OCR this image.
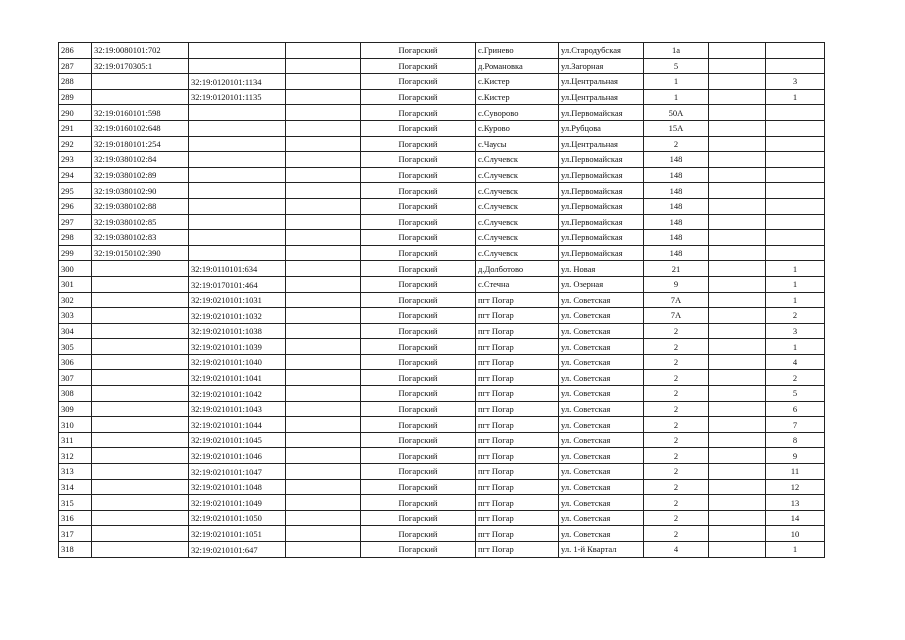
286	32:19:0080101:702			Погарский	с.Гринево	ул.Стародубская	1а		
287	32:19:0170305:1			Погарский	д.Романовка	ул.Загорная	5		
288		32:19:0120101:1134		Погарский	с.Кистер	ул.Центральная	1		3
289		32:19:0120101:1135		Погарский	с.Кистер	ул.Центральная	1		1
290	32:19:0160101:598			Погарский	с.Суворово	ул.Первомайская	50А		
291	32:19:0160102:648			Погарский	с.Курово	ул.Рубцова	15А		
292	32:19:0180101:254			Погарский	с.Чаусы	ул.Центральная	2		
293	32:19:0380102:84			Погарский	с.Случевск	ул.Первомайская	148		
294	32:19:0380102:89			Погарский	с.Случевск	ул.Первомайская	148		
295	32:19:0380102:90			Погарский	с.Случевск	ул.Первомайская	148		
296	32:19:0380102:88			Погарский	с.Случевск	ул.Первомайская	148		
297	32:19:0380102:85			Погарский	с.Случевск	ул.Первомайская	148		
298	32:19:0380102:83			Погарский	с.Случевск	ул.Первомайская	148		
299	32:19:0150102:390			Погарский	с.Случевск	ул.Первомайская	148		
300		32:19:0110101:634		Погарский	д.Долботово	ул. Новая	21		1
301		32:19:0170101:464		Погарский	с.Стечна	ул. Озерная	9		1
302		32:19:0210101:1031		Погарский	пгт Погар	ул. Советская	7А		1
303		32:19:0210101:1032		Погарский	пгт Погар	ул. Советская	7А		2
304		32:19:0210101:1038		Погарский	пгт Погар	ул. Советская	2		3
305		32:19:0210101:1039		Погарский	пгт Погар	ул. Советская	2		1
306		32:19:0210101:1040		Погарский	пгт Погар	ул. Советская	2		4
307		32:19:0210101:1041		Погарский	пгт Погар	ул. Советская	2		2
308		32:19:0210101:1042		Погарский	пгт Погар	ул. Советская	2		5
309		32:19:0210101:1043		Погарский	пгт Погар	ул. Советская	2		6
310		32:19:0210101:1044		Погарский	пгт Погар	ул. Советская	2		7
311		32:19:0210101:1045		Погарский	пгт Погар	ул. Советская	2		8
312		32:19:0210101:1046		Погарский	пгт Погар	ул. Советская	2		9
313		32:19:0210101:1047		Погарский	пгт Погар	ул. Советская	2		11
314		32:19:0210101:1048		Погарский	пгт Погар	ул. Советская	2		12
315		32:19:0210101:1049		Погарский	пгт Погар	ул. Советская	2		13
316		32:19:0210101:1050		Погарский	пгт Погар	ул. Советская	2		14
317		32:19:0210101:1051		Погарский	пгт Погар	ул. Советская	2		10
318		32:19:0210101:647		Погарский	пгт Погар	ул. 1-й Квартал	4		1
